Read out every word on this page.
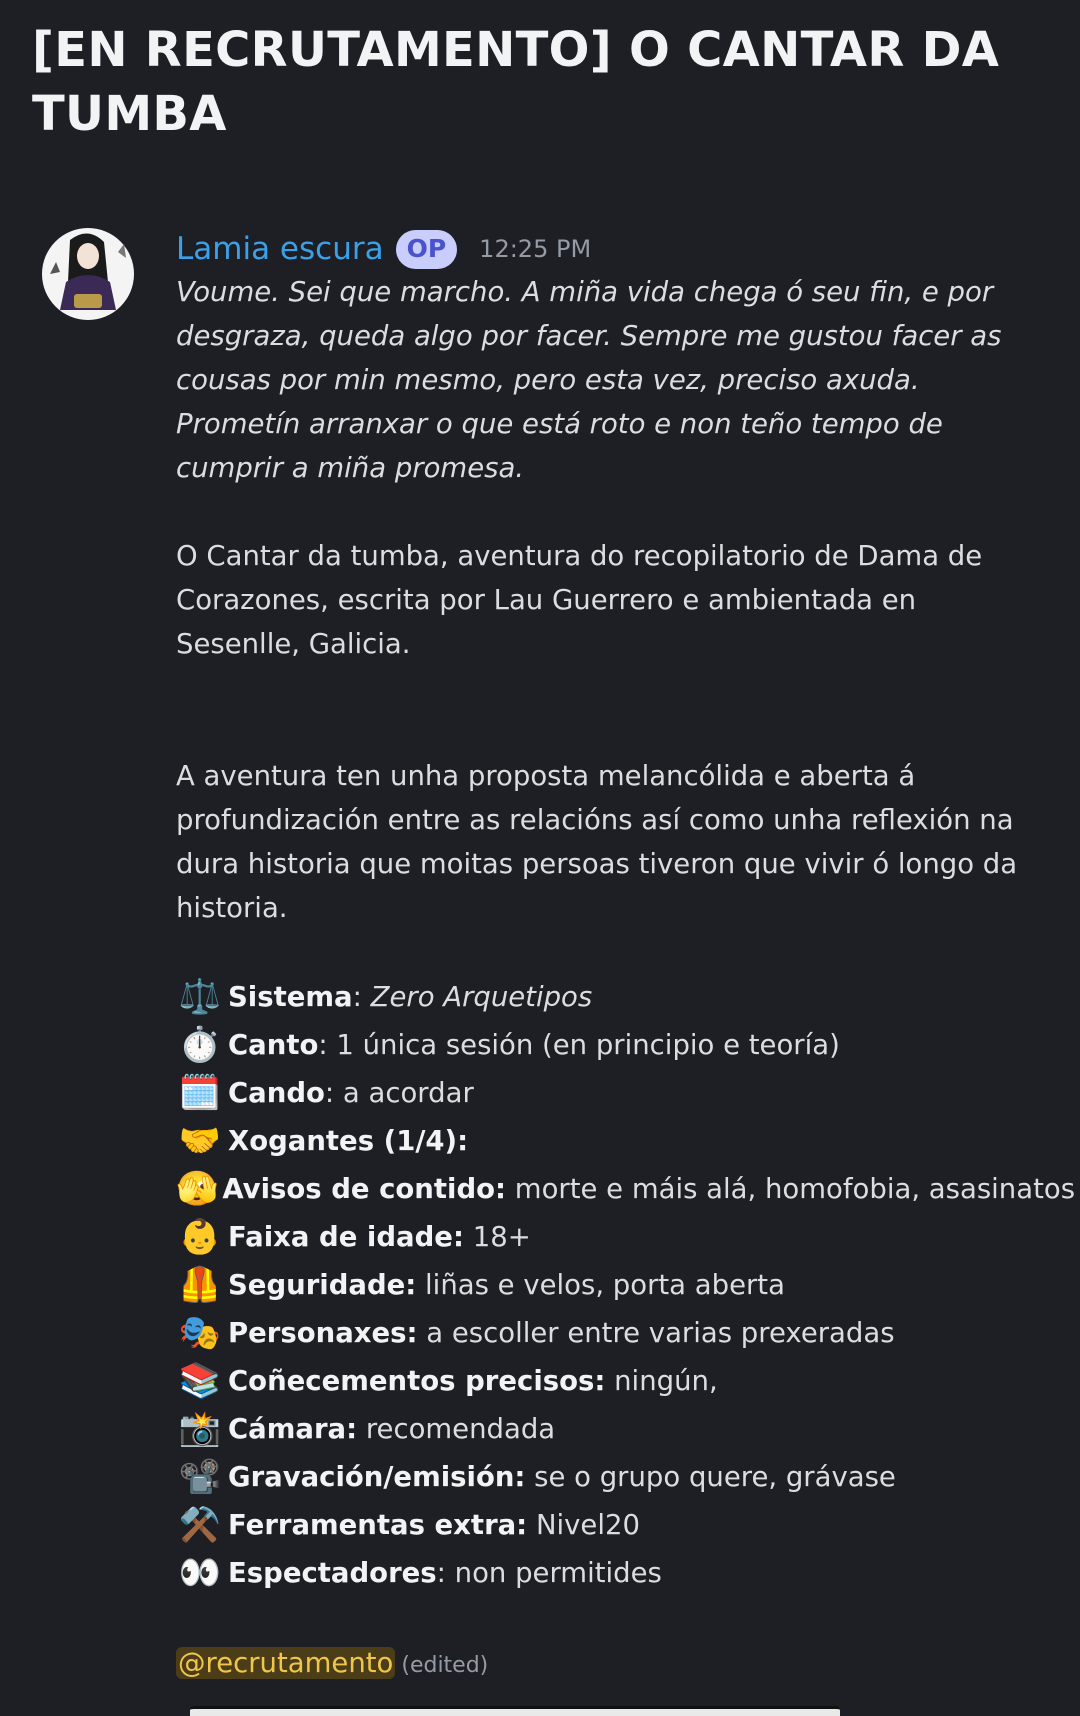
[EN RECRUTAMENTO] O CANTAR DA TUMBA
Lamia escura OP	12:25 PM

Voume. Sei que marcho. A miña vida chega ó seu fin, e por desgraza, queda algo por facer. Sempre me gustou facer as cousas por min mesmo, pero esta vez, preciso axuda. Prometín arranxar o que está roto e non teño tempo de cumprir a miña promesa.

O Cantar da tumba, aventura do recopilatorio de Dama de Corazones, escrita por Lau Guerrero e ambientada en Sesenlle, Galicia.

A aventura ten unha proposta melancólida e aberta á profundización entre as relacións así como unha reflexión na dura historia que moitas persoas tiveron que vivir ó longo da historia.

⚖️ Sistema : Zero Arquetipos
⏱️ Canto : 1 única sesión (en principio e teoría)
🗓️ Cando : a acordar
🤝 Xogantes (1/4):
🫣 Avisos de contido:
morte e máis alá, homofobia, asasinatos
👶 Faixa de idade:
18+
🦺 Seguridade:
liñas e velos, porta aberta
🎭 Personaxes:
a escoller entre varias prexeradas
📚 Coñecementos precisos:
ningún,
📸 Cámara:
recomendada
📽️ Gravación/emisión:
se o grupo quere, grávase
⚒️ Ferramentas extra:
Nivel20
👀 Espectadores : non permitides

@recrutamento (edited)
